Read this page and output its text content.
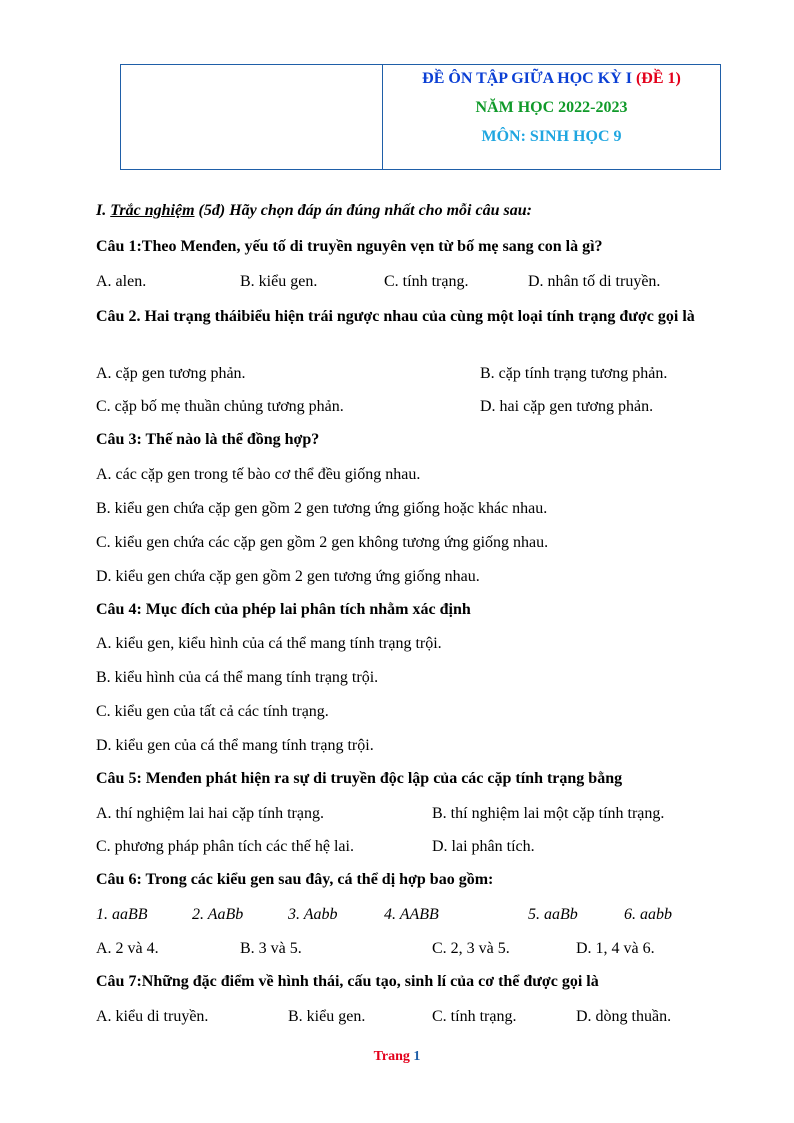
ĐỀ ÔN TẬP GIỮA HỌC KỲ I (ĐỀ 1)
NĂM HỌC 2022-2023
MÔN: SINH HỌC 9
I. Trắc nghiệm (5đ) Hãy chọn đáp án đúng nhất cho mỗi câu sau:
Câu 1:Theo Menđen, yếu tố di truyền nguyên vẹn từ bố mẹ sang con là gì?
A. alen.	B. kiểu gen.	C. tính trạng.	D. nhân tố di truyền.
Câu 2. Hai trạng tháibiểu hiện trái ngược nhau của cùng một loại tính trạng được gọi là
A. cặp gen tương phản.	B. cặp tính trạng tương phản.
C. cặp bố mẹ thuần chủng tương phản.	D. hai cặp gen tương phản.
Câu 3: Thế nào là thể đồng hợp?
A. các cặp gen trong tế bào cơ thể đều giống nhau.
B. kiểu gen chứa cặp gen gồm 2 gen tương ứng giống hoặc khác nhau.
C. kiểu gen chứa các cặp gen gồm 2 gen không tương ứng giống nhau.
D. kiểu gen chứa cặp gen gồm 2 gen tương ứng giống nhau.
Câu 4: Mục đích của phép lai phân tích nhằm xác định
A. kiểu gen, kiểu hình của cá thể mang tính trạng trội.
B. kiểu hình của cá thể mang tính trạng trội.
C. kiểu gen của tất cả các tính trạng.
D. kiểu gen của cá thể mang tính trạng trội.
Câu 5: Menđen phát hiện ra sự di truyền độc lập của các cặp tính trạng bằng
A. thí nghiệm lai hai cặp tính trạng.	B. thí nghiệm lai một cặp tính trạng.
C. phương pháp phân tích các thế hệ lai.	D. lai phân tích.
Câu 6: Trong các kiểu gen sau đây, cá thể dị hợp bao gồm:
1. aaBB	2. AaBb	3. Aabb	4. AABB	5. aaBb	6. aabb
A. 2 và 4.	B. 3 và 5.	C. 2, 3 và 5.	D. 1, 4 và 6.
Câu 7:Những đặc điểm về hình thái, cấu tạo, sinh lí của cơ thể được gọi là
A. kiểu di truyền.	B. kiểu gen.	C. tính trạng.	D. dòng thuần.
Trang 1
